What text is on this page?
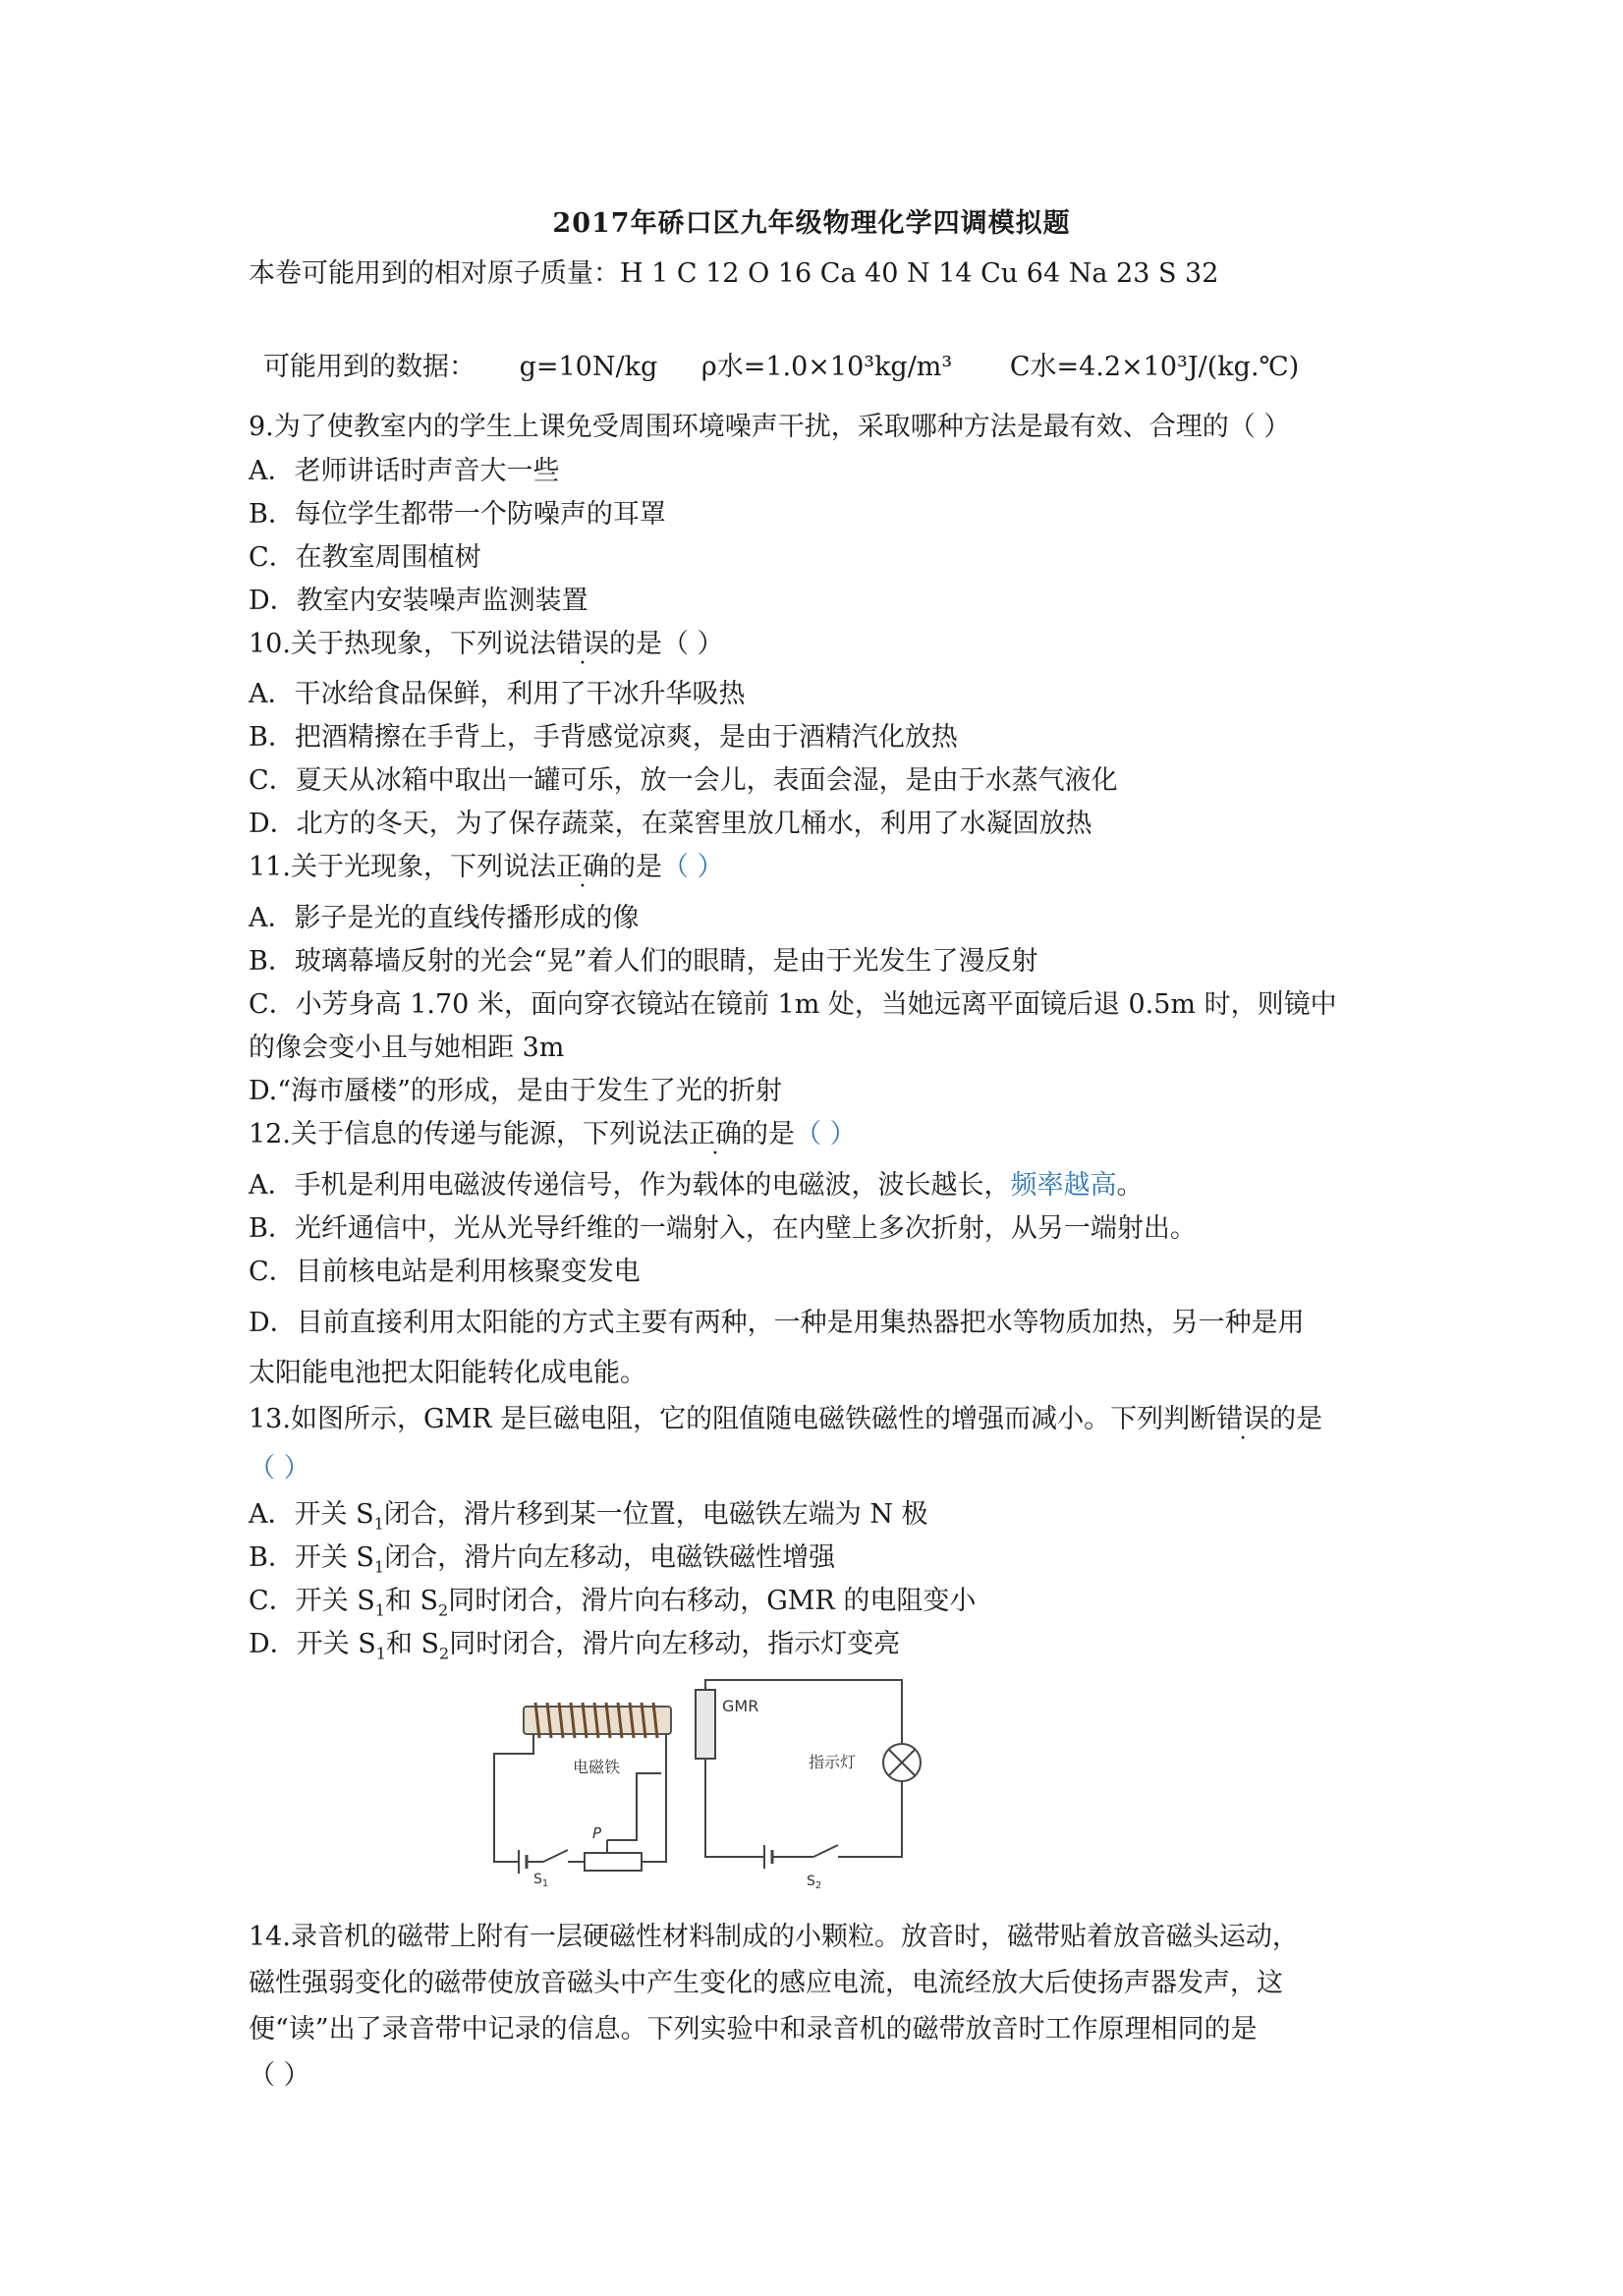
2017年硚口区九年级物理化学四调模拟题
本卷可能用到的相对原子质量：H 1 C 12 O 16 Ca 40 N 14 Cu 64 Na 23 S 32
可能用到的数据： g=10N/kg ρ水=1.0×10³kg/m³ C水=4.2×10³J/(kg.℃)
9.为了使教室内的学生上课免受周围环境噪声干扰，采取哪种方法是最有效、合理的（ ）
A．老师讲话时声音大一些
B．每位学生都带一个防噪声的耳罩
C．在教室周围植树
D．教室内安装噪声监测装置
10.关于热现象，下列说法错误的是（ ）
A．干冰给食品保鲜，利用了干冰升华吸热
B．把酒精擦在手背上，手背感觉凉爽，是由于酒精汽化放热
C．夏天从冰箱中取出一罐可乐，放一会儿，表面会湿，是由于水蒸气液化
D．北方的冬天，为了保存蔬菜，在菜窖里放几桶水，利用了水凝固放热
11.关于光现象，下列说法正确的是（ ）
A．影子是光的直线传播形成的像
B．玻璃幕墙反射的光会“晃”着人们的眼睛，是由于光发生了漫反射
C．小芳身高 1.70 米，面向穿衣镜站在镜前 1m 处，当她远离平面镜后退 0.5m 时，则镜中
的像会变小且与她相距 3m
D.“海市蜃楼”的形成，是由于发生了光的折射
12.关于信息的传递与能源，下列说法正确的是（ ）
A．手机是利用电磁波传递信号，作为载体的电磁波，波长越长，频率越高。
B．光纤通信中，光从光导纤维的一端射入，在内壁上多次折射，从另一端射出。
C．目前核电站是利用核聚变发电
D．目前直接利用太阳能的方式主要有两种，一种是用集热器把水等物质加热，另一种是用
太阳能电池把太阳能转化成电能。
13.如图所示，GMR 是巨磁电阻，它的阻值随电磁铁磁性的增强而减小。下列判断错误的是
（ ）
A．开关 $S_1$闭合，滑片移到某一位置，电磁铁左端为 N 极
B．开关 $S_1$闭合，滑片向左移动，电磁铁磁性增强
C．开关 $S_1$和 $S_2$同时闭合，滑片向右移动，GMR 的电阻变小
D．开关 $S_1$和 $S_2$同时闭合，滑片向左移动，指示灯变亮
GMR
电磁铁	指示灯
P
$S_1$	$S_2$
14.录音机的磁带上附有一层硬磁性材料制成的小颗粒。放音时，磁带贴着放音磁头运动，
磁性强弱变化的磁带使放音磁头中产生变化的感应电流，电流经放大后使扬声器发声，这
便“读”出了录音带中记录的信息。下列实验中和录音机的磁带放音时工作原理相同的是
（ ）
